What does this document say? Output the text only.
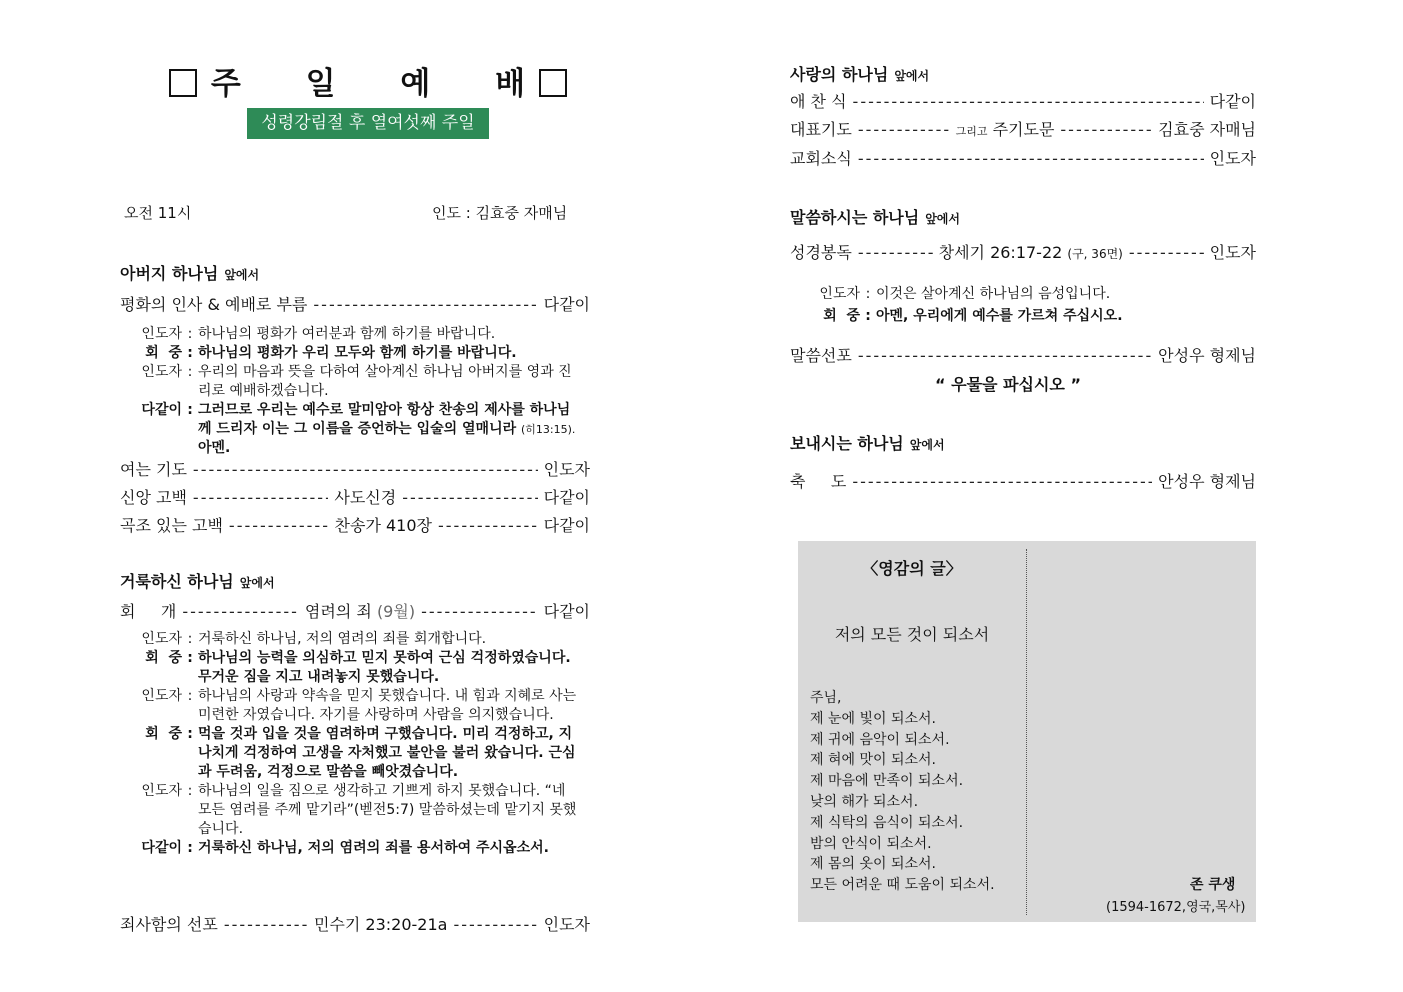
주 일 예 배
성령강림절 후 열여섯째 주일
오전 11시	인도 : 김효중 자매님
아버지 하나님 앞에서
평화의 인사 & 예배로 부름 -----	다같이
인도자 : 하나님의 평화가 여러분과 함께 하기를 바랍니다.
회  중 : 하나님의 평화가 우리 모두와 함께 하기를 바랍니다.
인도자 : 우리의 마음과 뜻을 다하여 살아계신 하나님 아버지를 영과 진리로 예배하겠습니다.
다같이 : 그러므로 우리는 예수로 말미암아 항상 찬송의 제사를 하나님께 드리자 이는 그 이름을 증언하는 입술의 열매니라 (히13:15). 아멘.
여는 기도 -----	인도자
신앙 고백 -----	사도신경 -----	다같이
곡조 있는 고백 -----	찬송가 410장 -----	다같이
거룩하신 하나님 앞에서
회     개 -----	염려의 죄 (9월) -----	다같이
인도자 : 거룩하신 하나님, 저의 염려의 죄를 회개합니다.
회  중 : 하나님의 능력을 의심하고 믿지 못하여 근심 걱정하였습니다. 무거운 짐을 지고 내려놓지 못했습니다.
인도자 : 하나님의 사랑과 약속을 믿지 못했습니다. 내 힘과 지혜로 사는 미련한 자였습니다. 자기를 사랑하며 사람을 의지했습니다.
회  중 : 먹을 것과 입을 것을 염려하며 구했습니다. 미리 걱정하고, 지나치게 걱정하여 고생을 자처했고 불안을 불러 왔습니다. 근심과 두려움, 걱정으로 말씀을 빼앗겼습니다.
인도자 : 하나님의 일을 짐으로 생각하고 기쁘게 하지 못했습니다. “네 모든 염려를 주께 맡기라”(벧전5:7) 말씀하셨는데 맡기지 못했습니다.
다같이 : 거룩하신 하나님, 저의 염려의 죄를 용서하여 주시옵소서.
죄사함의 선포 -----	민수기 23:20-21a -----	인도자
사랑의 하나님 앞에서
애 찬 식 -----	다같이
대표기도 -----	그리고 주기도문 -----	김효중 자매님
교회소식 -----	인도자
말씀하시는 하나님 앞에서
성경봉독 -----	창세기 26:17-22 (구, 36면) -----	인도자
인도자 : 이것은 살아계신 하나님의 음성입니다.
회  중 : 아멘, 우리에게 예수를 가르쳐 주십시오.
말씀선포 -----	안성우 형제님
“ 우물을 파십시오 ”
보내시는 하나님 앞에서
축     도 -----	안성우 형제님
〈영감의 글〉
저의 모든 것이 되소서
주님,
제 눈에 빛이 되소서.
제 귀에 음악이 되소서.
제 혀에 맛이 되소서.
제 마음에 만족이 되소서.
낮의 해가 되소서.
제 식탁의 음식이 되소서.
밤의 안식이 되소서.
제 몸의 옷이 되소서.
모든 어려운 때 도움이 되소서.	존 쿠생
(1594-1672,영국,목사)
